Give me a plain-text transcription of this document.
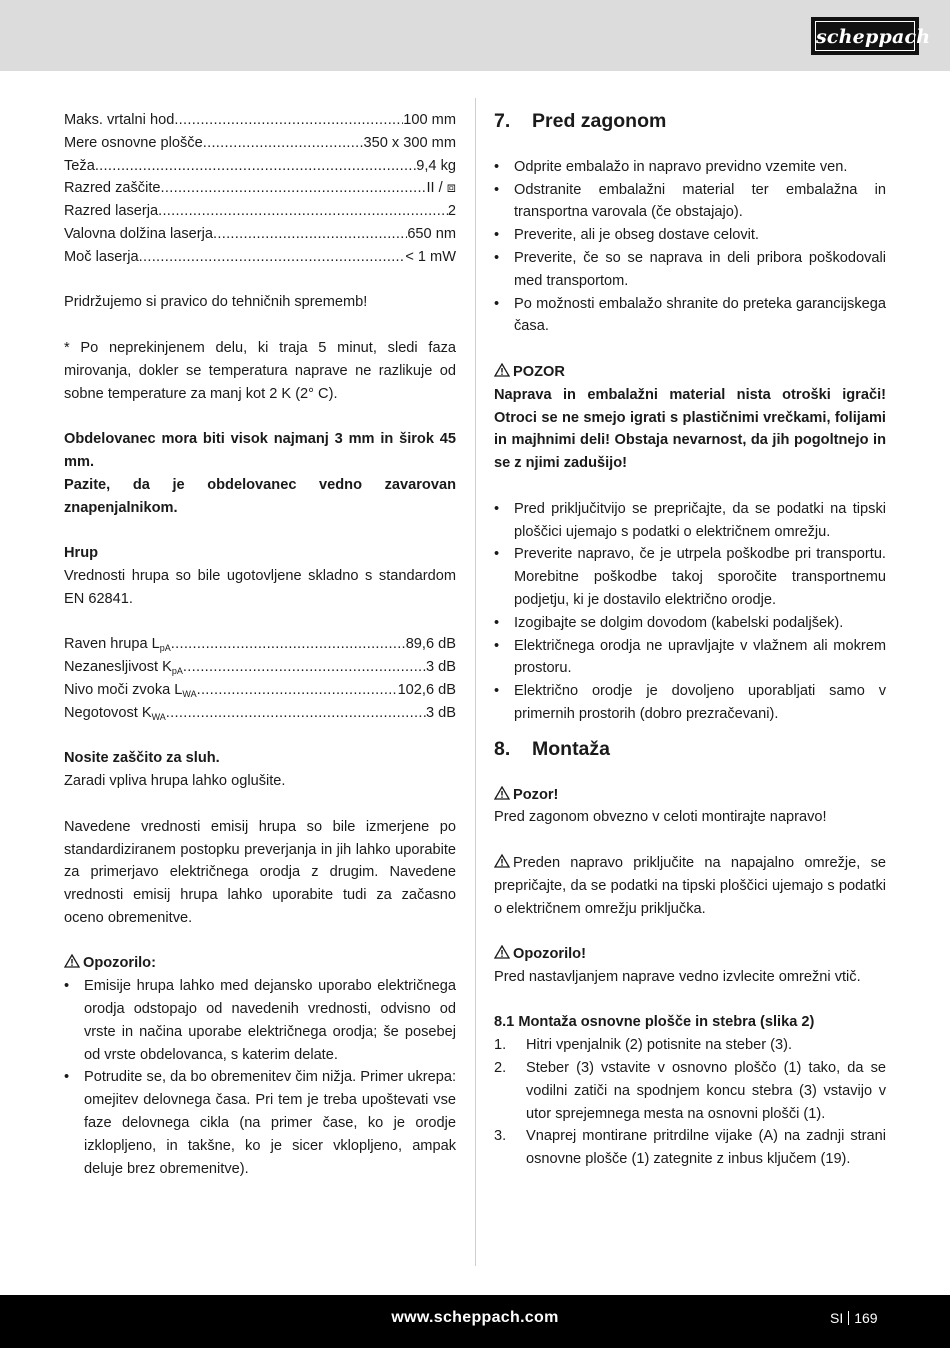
scheppach
Maks. vrtalni hod .....	100 mm
Mere osnovne plošče .....	350 x 300 mm
Teža .....	9,4 kg
Razred zaščite .....	II / ⧈
Razred laserja .....	2
Valovna dolžina laserja .....	650 nm
Moč laserja .....	< 1 mW

Pridržujemo si pravico do tehničnih sprememb!

* Po neprekinjenem delu, ki traja 5 minut, sledi faza mirovanja, dokler se temperatura naprave ne razlikuje od sobne temperature za manj kot 2 K (2° C).

Obdelovanec mora biti visok najmanj 3 mm in širok 45 mm.

Pazite, da je obdelovanec vedno zavarovan znapenjalnikom.

Hrup

Vrednosti hrupa so bile ugotovljene skladno s standardom EN 62841.

Raven hrupa $L_{pA}$ .....	89,6 dB
Nezanesljivost $K_{pA}$ .....	3 dB
Nivo moči zvoka $L_{WA}$ .....	102,6 dB
Negotovost $K_{WA}$ .....	3 dB

Nosite zaščito za sluh.

Zaradi vpliva hrupa lahko oglušite.

Navedene vrednosti emisij hrupa so bile izmerjene po standardiziranem postopku preverjanja in jih lahko uporabite za primerjavo električnega orodja z drugim. Navedene vrednosti emisij hrupa lahko uporabite tudi za začasno oceno obremenitve.

Opozorilo:

• Emisije hrupa lahko med dejansko uporabo električnega orodja odstopajo od navedenih vrednosti, odvisno od vrste in načina uporabe električnega orodja; še posebej od vrste obdelovanca, s katerim delate.
• Potrudite se, da bo obremenitev čim nižja. Primer ukrepa: omejitev delovnega časa. Pri tem je treba upoštevati vse faze delovnega cikla (na primer čase, ko je orodje izklopljeno, in takšne, ko je sicer vklopljeno, ampak deluje brez obremenitve).
7.	Pred zagonom
• Odprite embalažo in napravo previdno vzemite ven.
• Odstranite embalažni material ter embalažna in transportna varovala (če obstajajo).
• Preverite, ali je obseg dostave celovit.
• Preverite, če so se naprava in deli pribora poškodovali med transportom.
• Po možnosti embalažo shranite do preteka garancijskega časa.

POZOR

Naprava in embalažni material nista otroški igrači! Otroci se ne smejo igrati s plastičnimi vrečkami, folijami in majhnimi deli! Obstaja nevarnost, da jih pogoltnejo in se z njimi zadušijo!

• Pred priključitvijo se prepričajte, da se podatki na tipski ploščici ujemajo s podatki o električnem omrežju.
• Preverite napravo, če je utrpela poškodbe pri transportu. Morebitne poškodbe takoj sporočite transportnemu podjetju, ki je dostavilo električno orodje.
• Izogibajte se dolgim dovodom (kabelski podaljšek).
• Električnega orodja ne upravljajte v vlažnem ali mokrem prostoru.
• Električno orodje je dovoljeno uporabljati samo v primernih prostorih (dobro prezračevani).
8.	Montaža

Pozor!

Pred zagonom obvezno v celoti montirajte napravo!

Preden napravo priključite na napajalno omrežje, se prepričajte, da se podatki na tipski ploščici ujemajo s podatki o električnem omrežju priključka.

Opozorilo!

Pred nastavljanjem naprave vedno izvlecite omrežni vtič.

8.1 Montaža osnovne plošče in stebra (slika 2)

1. Hitri vpenjalnik (2) potisnite na steber (3).
2. Steber (3) vstavite v osnovno ploščo (1) tako, da se vodilni zatiči na spodnjem koncu stebra (3) vstavijo v utor sprejemnega mesta na osnovni plošči (1).
3. Vnaprej montirane pritrdilne vijake (A) na zadnji strani osnovne plošče (1) zategnite z inbus ključem (19).
www.scheppach.com	SI 169
